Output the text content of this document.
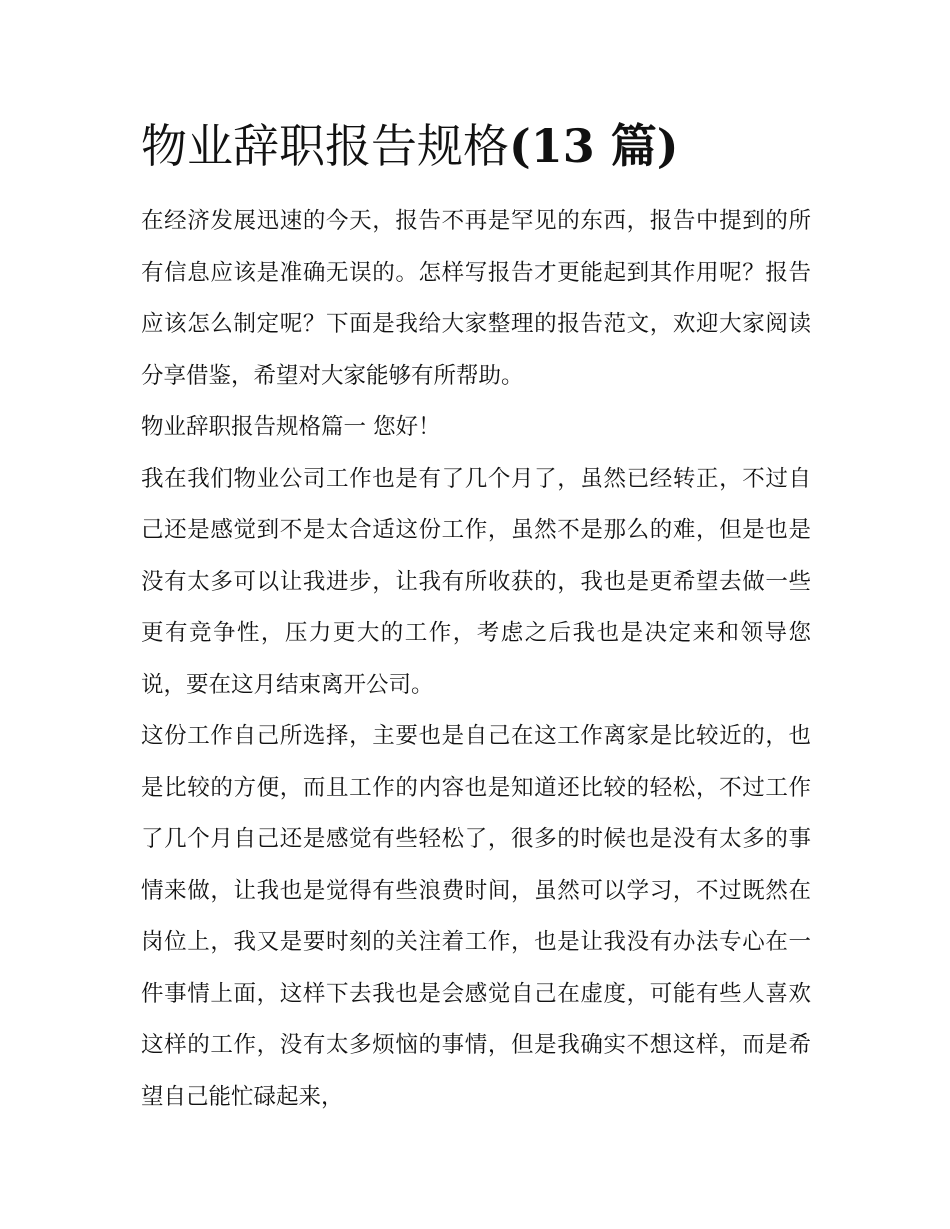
物业辞职报告规格(13 篇)

在经济发展迅速的今天，报告不再是罕见的东西，报告中提到的所有信息应该是准确无误的。怎样写报告才更能起到其作用呢？报告应该怎么制定呢？下面是我给大家整理的报告范文，欢迎大家阅读分享借鉴，希望对大家能够有所帮助。

物业辞职报告规格篇一 您好！

我在我们物业公司工作也是有了几个月了，虽然已经转正，不过自己还是感觉到不是太合适这份工作，虽然不是那么的难，但是也是没有太多可以让我进步，让我有所收获的，我也是更希望去做一些更有竞争性，压力更大的工作，考虑之后我也是决定来和领导您说，要在这月结束离开公司。

这份工作自己所选择，主要也是自己在这工作离家是比较近的，也是比较的方便，而且工作的内容也是知道还比较的轻松，不过工作了几个月自己还是感觉有些轻松了，很多的时候也是没有太多的事情来做，让我也是觉得有些浪费时间，虽然可以学习，不过既然在岗位上，我又是要时刻的关注着工作，也是让我没有办法专心在一件事情上面，这样下去我也是会感觉自己在虚度，可能有些人喜欢这样的工作，没有太多烦恼的事情，但是我确实不想这样，而是希望自己能忙碌起来，
